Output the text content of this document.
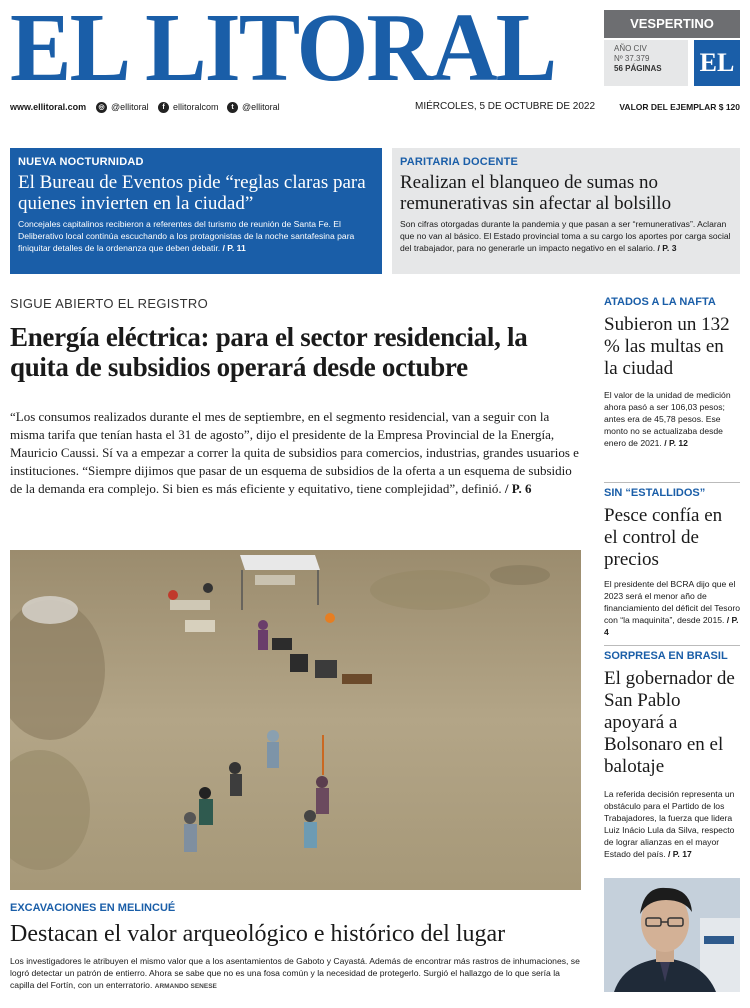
EL LITORAL	VESPERTINO
AÑO CIV
Nº 37.379
56 PÁGINAS	EL
www.ellitoral.com	◎ @ellitoral	f ellitoralcom	t @ellitoral	MIÉRCOLES, 5 DE OCTUBRE DE 2022	VALOR DEL EJEMPLAR $ 120
NUEVA NOCTURNIDAD
El Bureau de Eventos pide “reglas claras para quienes invierten en la ciudad”
Concejales capitalinos recibieron a referentes del turismo de reunión de Santa Fe. El Deliberativo local continúa escuchando a los protagonistas de la noche santafesina para finiquitar detalles de la ordenanza que deben debatir. / P. 11
PARITARIA DOCENTE
Realizan el blanqueo de sumas no remunerativas sin afectar al bolsillo
Son cifras otorgadas durante la pandemia y que pasan a ser “remunerativas”. Aclaran que no van al básico. El Estado provincial toma a su cargo los aportes por carga social del trabajador, para no generarle un impacto negativo en el salario. / P. 3
SIGUE ABIERTO EL REGISTRO
Energía eléctrica: para el sector residencial, la quita de subsidios operará desde octubre
“Los consumos realizados durante el mes de septiembre, en el segmento residencial, van a seguir con la misma tarifa que tenían hasta el 31 de agosto”, dijo el presidente de la Empresa Provincial de la Energía, Mauricio Caussi. Sí va a empezar a correr la quita de subsidios para comercios, industrias, grandes usuarios e instituciones. “Siempre dijimos que pasar de un esquema de subsidios de la oferta a un esquema de subsidio de la demanda era complejo. Si bien es más eficiente y equitativo, tiene complejidad”, definió. / P. 6
EXCAVACIONES EN MELINCUÉ
Destacan el valor arqueológico e histórico del lugar
Los investigadores le atribuyen el mismo valor que a los asentamientos de Gaboto y Cayastá. Además de encontrar más rastros de inhumaciones, se logró detectar un patrón de entierro. Ahora se sabe que no es una fosa común y la necesidad de protegerlo. Surgió el hallazgo de lo que sería la capilla del Fortín, con un enterratorio. ARMANDO SENESE
ATADOS A LA NAFTA
Subieron un 132 % las multas en la ciudad
El valor de la unidad de medición ahora pasó a ser 106,03 pesos; antes era de 45,78 pesos. Ese monto no se actualizaba desde enero de 2021. / P. 12
SIN “ESTALLIDOS”
Pesce confía en el control de precios
El presidente del BCRA dijo que el 2023 será el menor año de financiamiento del déficit del Tesoro con “la maquinita”, desde 2015. / P. 4
SORPRESA EN BRASIL
El gobernador de San Pablo apoyará a Bolsonaro en el balotaje
La referida decisión representa un obstáculo para el Partido de los Trabajadores, la fuerza que lidera Luiz Inácio Lula da Silva, respecto de lograr alianzas en el mayor Estado del país. / P. 17
